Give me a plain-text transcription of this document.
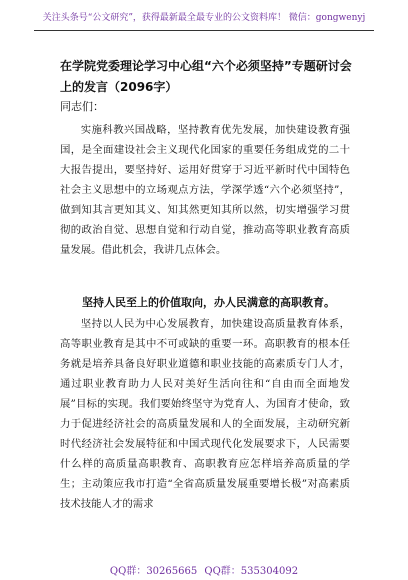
关注头条号“公文研究”，获得最新最全最专业的公文资料库！ 微信：gongwenyj
在学院党委理论学习中心组“六个必须坚持”专题研讨会上的发言（2096字）
同志们：

实施科教兴国战略，坚持教育优先发展，加快建设教育强国，是全面建设社会主义现代化国家的重要任务组成党的二十大报告提出，要坚持好、运用好贯穿于习近平新时代中国特色社会主义思想中的立场观点方法，学深学透“六个必须坚持”，做到知其言更知其义、知其然更知其所以然，切实增强学习贯彻的政治自觉、思想自觉和行动自觉，推动高等职业教育高质量发展。借此机会，我讲几点体会。

坚持人民至上的价值取向，办人民满意的高职教育。

坚持以人民为中心发展教育，加快建设高质量教育体系，高等职业教育是其中不可或缺的重要一环。高职教育的根本任务就是培养具备良好职业道德和职业技能的高素质专门人才，通过职业教育助力人民对美好生活向往和“自由而全面地发展”目标的实现。我们要始终坚守为党育人、为国育才使命，致力于促进经济社会的高质量发展和人的全面发展，主动研究新时代经济社会发展特征和中国式现代化发展要求下，人民需要什么样的高质量高职教育、高职教育应怎样培养高质量的学生；主动策应我市打造“全省高质量发展重要增长极”对高素质技术技能人才的需求

QQ群：30265665 QQ群：535304092
